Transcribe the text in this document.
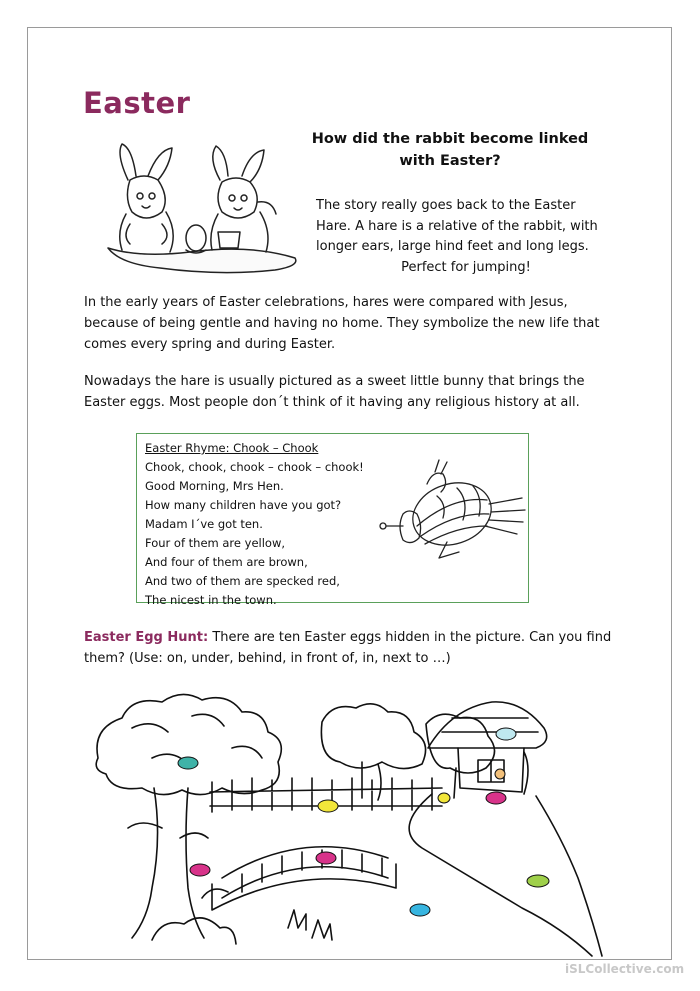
Easter
How did the rabbit become linked
with Easter?
The story really goes back to the Easter
Hare. A hare is a relative of the rabbit, with
longer ears, large hind feet and long legs.
Perfect for jumping!
In the early years of Easter celebrations, hares were compared with Jesus,
because of being gentle and having no home. They symbolize the new life that
comes every spring and during Easter.
Nowadays the hare is usually pictured as a sweet little bunny that brings the
Easter eggs. Most people don´t think of it having any religious history at all.
Easter Rhyme: Chook – Chook
Chook, chook, chook – chook – chook!
Good Morning, Mrs Hen.
How many children have you got?
Madam I´ve got ten.
Four of them are yellow,
And four of them are brown,
And two of them are specked red,
The nicest in the town.
Easter Egg Hunt: There are ten Easter eggs hidden in the picture. Can you find
them? (Use: on, under, behind, in front of, in, next to …)
iSLCollective.com
